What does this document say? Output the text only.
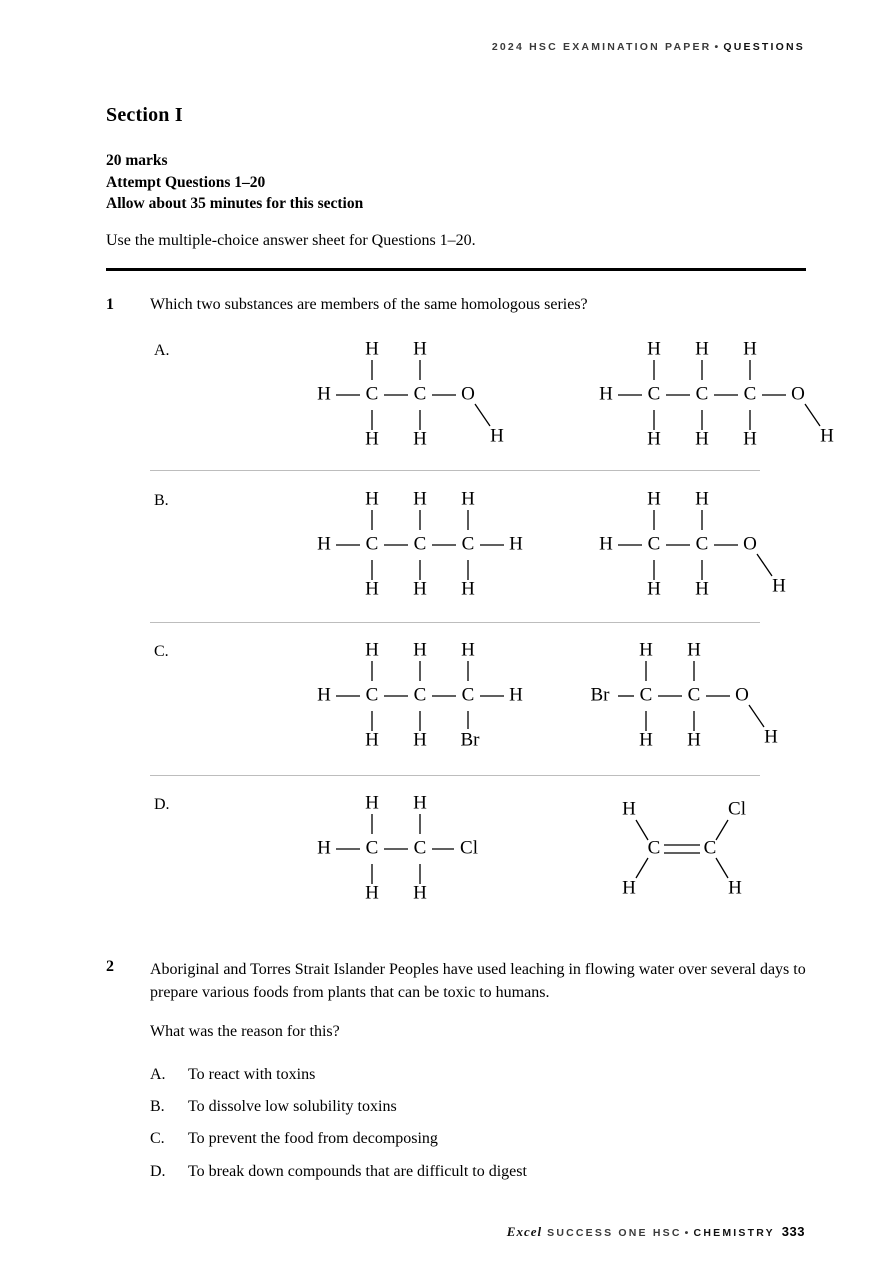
2024 HSC EXAMINATION PAPER • QUESTIONS
Section I
20 marks
Attempt Questions 1–20
Allow about 35 minutes for this section
Use the multiple-choice answer sheet for Questions 1–20.
1 Which two substances are members of the same homologous series?
A.
H C C O
H H
H H	H
H C C C O
H H H
H H H	H
B.
H C C C H
H H H
H H H
H C C O
H H
H H	H
C.
H C C C H
H H H
H H Br
Br C C O
H H
H H	H
D.
H C C Cl
H H
H H
C C
H	Cl
H	H
2 Aboriginal and Torres Strait Islander Peoples have used leaching in flowing water over several days to prepare various foods from plants that can be toxic to humans.
What was the reason for this?
A. To react with toxins
B. To dissolve low solubility toxins
C. To prevent the food from decomposing
D. To break down compounds that are difficult to digest
Excel SUCCESS ONE HSC • CHEMISTRY 333
